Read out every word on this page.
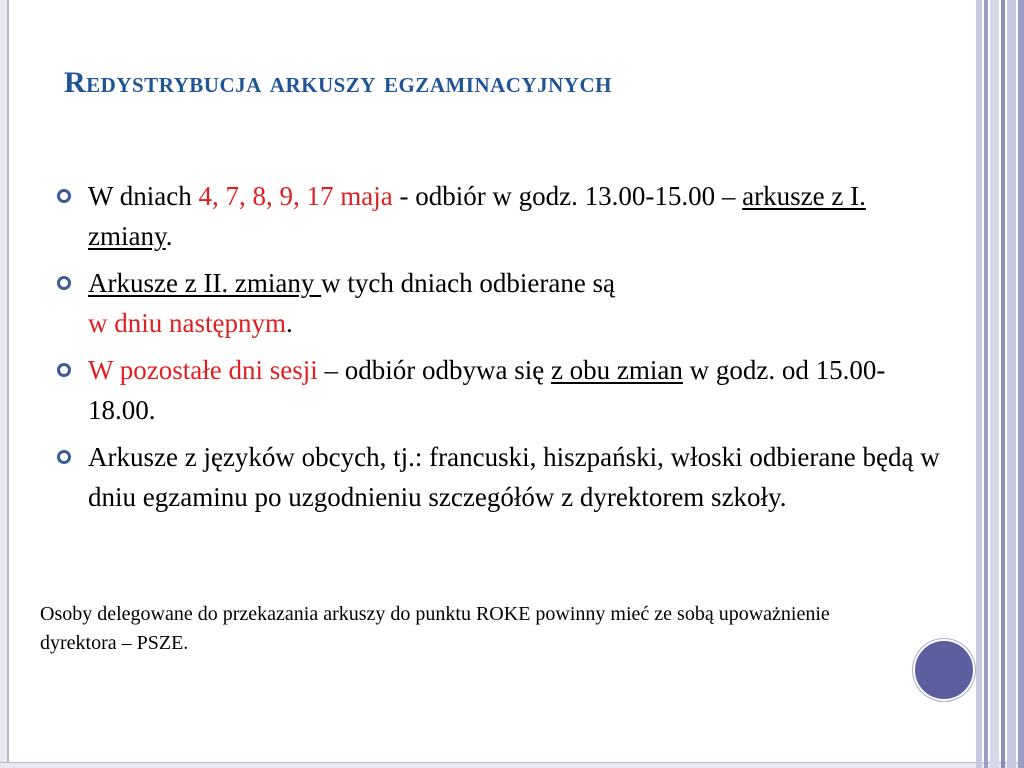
Redystrybucja arkuszy egzaminacyjnych
W dniach 4, 7, 8, 9, 17 maja - odbiór w godz. 13.00-15.00 – arkusze z I. zmiany.
Arkusze z II. zmiany w tych dniach odbierane są
w dniu następnym.
W pozostałe dni sesji – odbiór odbywa się z obu zmian w godz. od 15.00-18.00.
Arkusze z języków obcych, tj.: francuski, hiszpański, włoski odbierane będą w dniu egzaminu po uzgodnieniu szczegółów z dyrektorem szkoły.
Osoby delegowane do przekazania arkuszy do punktu ROKE powinny mieć ze sobą upoważnienie dyrektora – PSZE.
